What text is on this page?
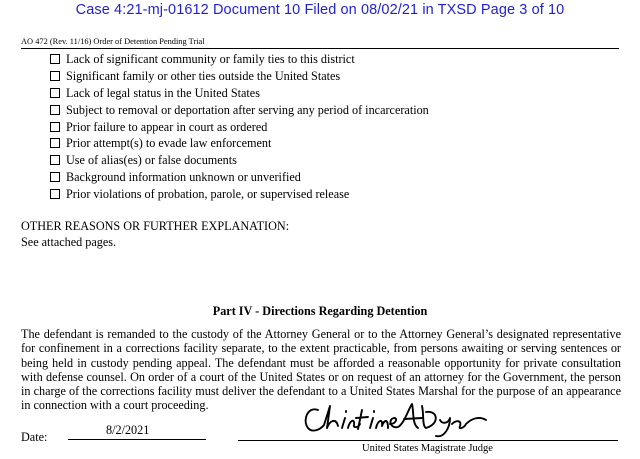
Case 4:21-mj-01612 Document 10 Filed on 08/02/21 in TXSD Page 3 of 10
AO 472 (Rev. 11/16) Order of Detention Pending Trial
Lack of significant community or family ties to this district
Significant family or other ties outside the United States
Lack of legal status in the United States
Subject to removal or deportation after serving any period of incarceration
Prior failure to appear in court as ordered
Prior attempt(s) to evade law enforcement
Use of alias(es) or false documents
Background information unknown or unverified
Prior violations of probation, parole, or supervised release
OTHER REASONS OR FURTHER EXPLANATION:
See attached pages.
Part IV - Directions Regarding Detention

The defendant is remanded to the custody of the Attorney General or to the Attorney General’s designated representative for confinement in a corrections facility separate, to the extent practicable, from persons awaiting or serving sentences or being held in custody pending appeal. The defendant must be afforded a reasonable opportunity for private consultation with defense counsel. On order of a court of the United States or on request of an attorney for the Government, the person in charge of the corrections facility must deliver the defendant to a United States Marshal for the purpose of an appearance in connection with a court proceeding.

8/2/2021
Date:
United States Magistrate Judge
